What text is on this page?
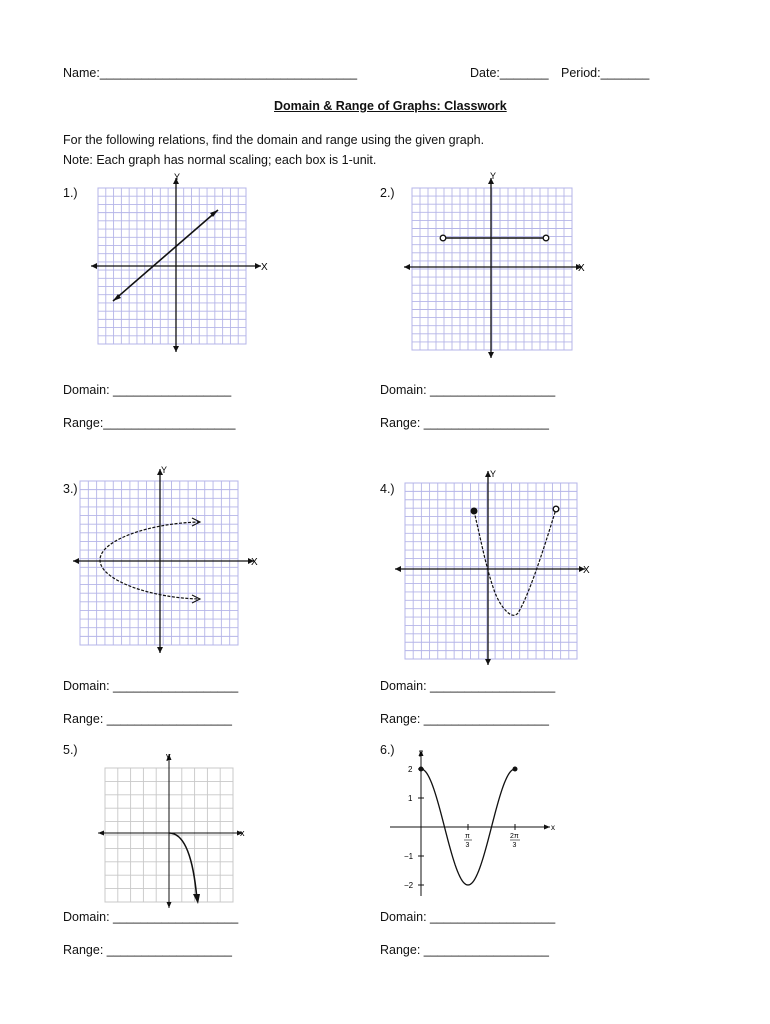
Name:_____________________________________	Date:_______ Period:_______
Domain & Range of Graphs: Classwork
For the following relations, find the domain and range using the given graph.
Note: Each graph has normal scaling; each box is 1-unit.
1.)	2.)
3.)	4.)
5.)	6.)
Domain: _________________
Range:___________________
Domain: __________________
Range: __________________
Domain: __________________
Range: __________________
Domain: __________________
Range: __________________
Domain: __________________
Range: __________________
Domain: __________________
Range: __________________
X
Y
X
Y
X
Y
X
Y
x
y
x
y
2
1
−1
−2
π
3
2π
3
